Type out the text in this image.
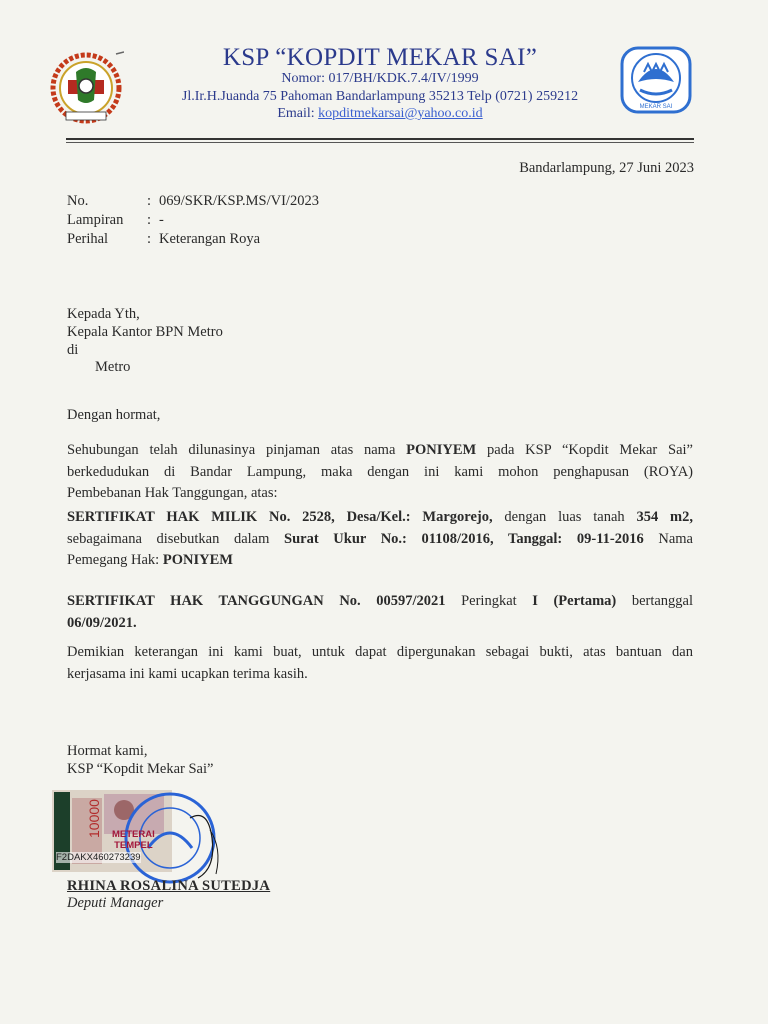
KSP “KOPDIT MEKAR SAI”
Nomor: 017/BH/KDK.7.4/IV/1999
Jl.Ir.H.Juanda 75 Pahoman Bandarlampung 35213 Telp (0721) 259212
Email: kopditmekarsai@yahoo.co.id	MEKAR SAI
Bandarlampung, 27 Juni 2023
No.	: 069/SKR/KSP.MS/VI/2023
Lampiran	: -
Perihal	: Keterangan Roya
Kepada Yth,
Kepala Kantor BPN Metro
di
Metro
Dengan hormat,
Sehubungan telah dilunasinya pinjaman atas nama PONIYEM pada KSP “Kopdit Mekar Sai”
berkedudukan di Bandar Lampung, maka dengan ini kami mohon penghapusan (ROYA)
Pembebanan Hak Tanggungan, atas:
SERTIFIKAT HAK MILIK No. 2528, Desa/Kel.: Margorejo, dengan luas tanah 354 m2,
sebagaimana disebutkan dalam Surat Ukur No.: 01108/2016, Tanggal: 09-11-2016 Nama
Pemegang Hak: PONIYEM
SERTIFIKAT HAK TANGGUNGAN No. 00597/2021 Peringkat I (Pertama) bertanggal
06/09/2021.
Demikian keterangan ini kami buat, untuk dapat dipergunakan sebagai bukti, atas bantuan dan
kerjasama ini kami ucapkan terima kasih.
Hormat kami,
KSP “Kopdit Mekar Sai”
10000 METERAI
TEMPEL
F2DAKX460273239
RHINA ROSALINA SUTEDJA
Deputi Manager
